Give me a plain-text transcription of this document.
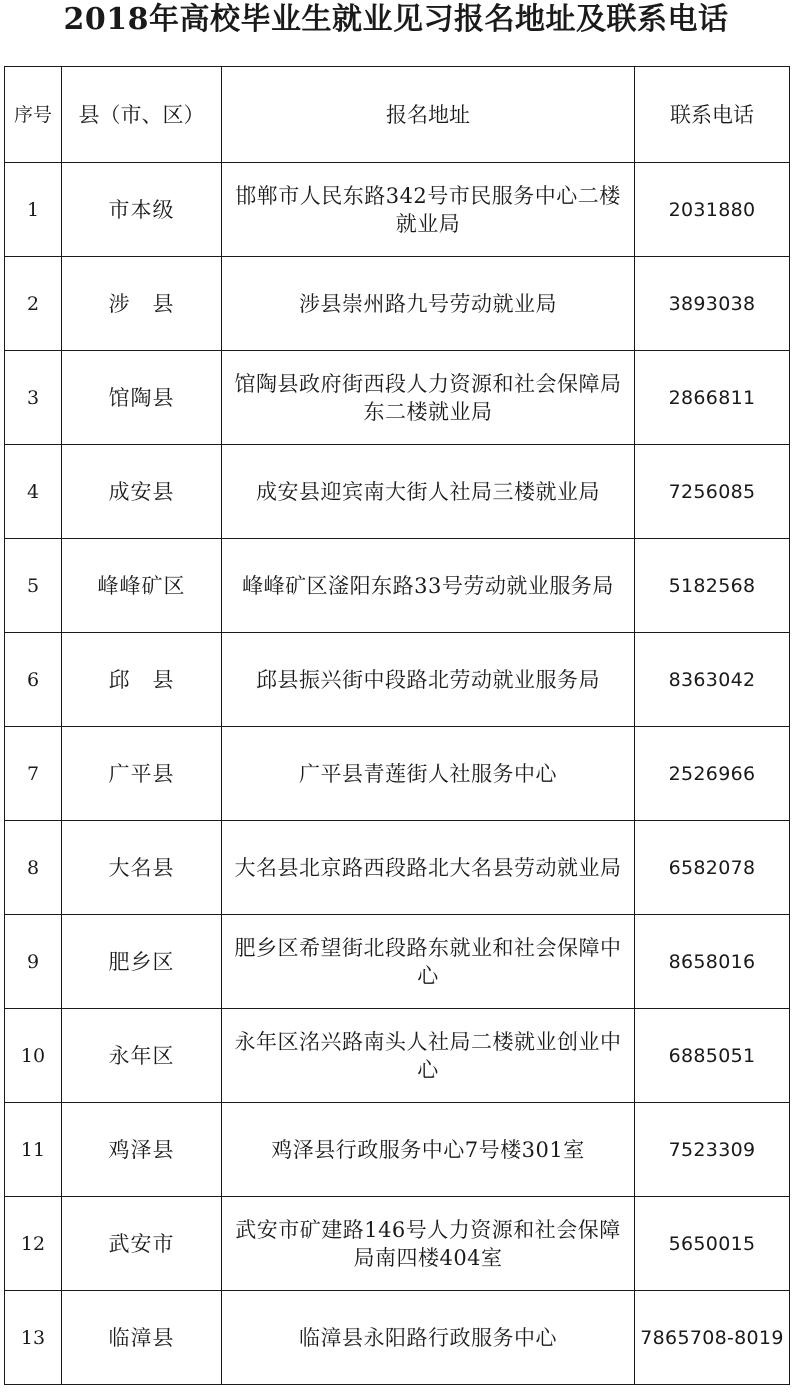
2018年高校毕业生就业见习报名地址及联系电话
序号	县（市、区）	报名地址	联系电话
1	市本级	邯郸市人民东路342号市民服务中心二楼就业局	2031880
2	涉　县	涉县崇州路九号劳动就业局	3893038
3	馆陶县	馆陶县政府街西段人力资源和社会保障局东二楼就业局	2866811
4	成安县	成安县迎宾南大街人社局三楼就业局	7256085
5	峰峰矿区	峰峰矿区滏阳东路33号劳动就业服务局	5182568
6	邱　县	邱县振兴街中段路北劳动就业服务局	8363042
7	广平县	广平县青莲街人社服务中心	2526966
8	大名县	大名县北京路西段路北大名县劳动就业局	6582078
9	肥乡区	肥乡区希望街北段路东就业和社会保障中心	8658016
10	永年区	永年区洺兴路南头人社局二楼就业创业中心	6885051
11	鸡泽县	鸡泽县行政服务中心7号楼301室	7523309
12	武安市	武安市矿建路146号人力资源和社会保障局南四楼404室	5650015
13	临漳县	临漳县永阳路行政服务中心	7865708-8019
